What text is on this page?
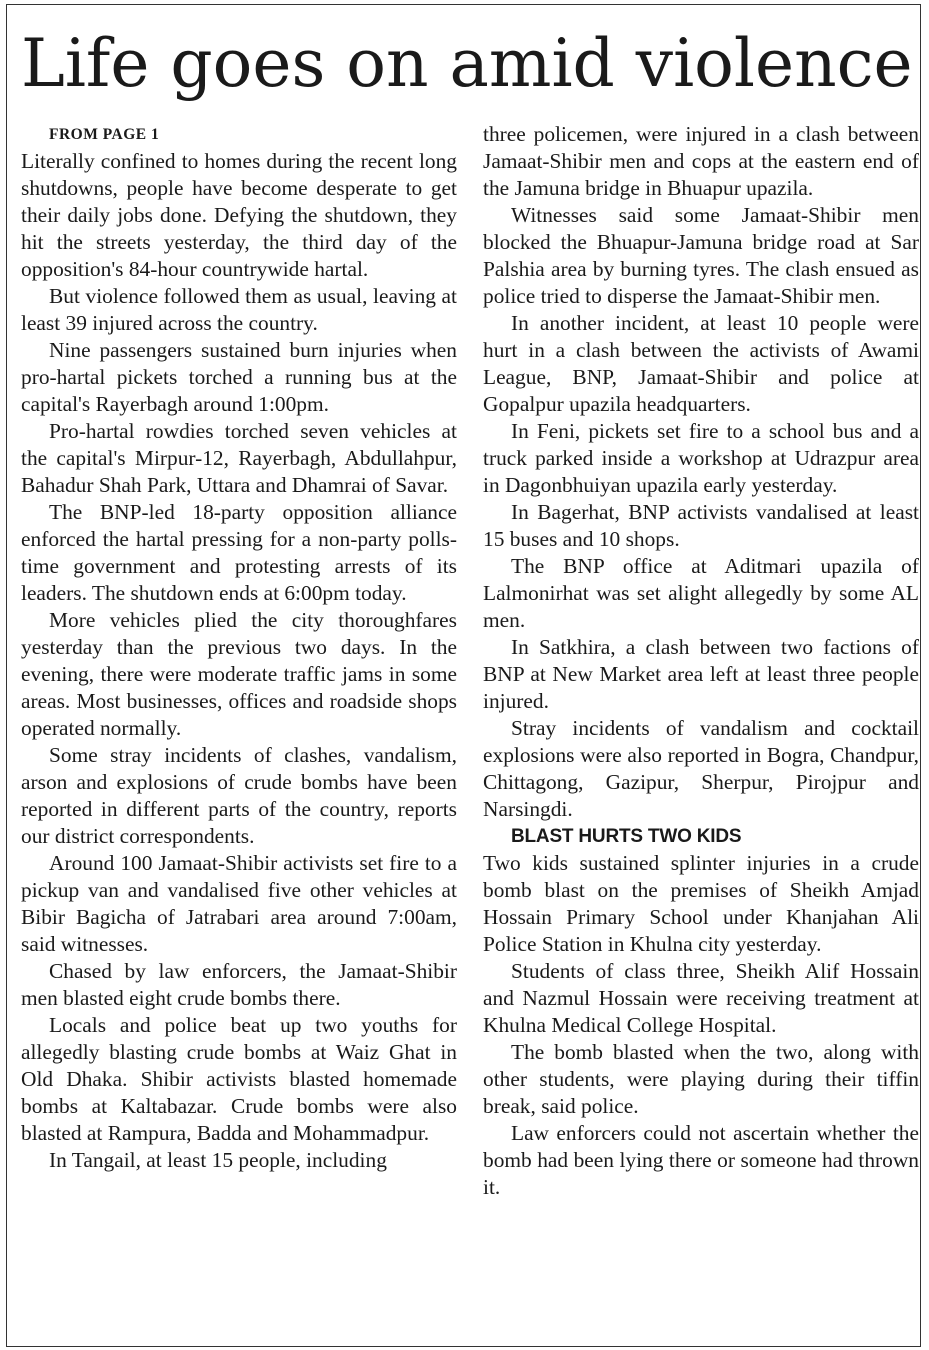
Life goes on amid violence

FROM PAGE 1

Literally confined to homes during the recent long shutdowns, people have become desperate to get their daily jobs done. Defying the shutdown, they hit the streets yesterday, the third day of the opposition's 84-hour countrywide hartal.

But violence followed them as usual, leaving at least 39 injured across the country.

Nine passengers sustained burn injuries when pro-hartal pickets torched a running bus at the capital's Rayerbagh around 1:00pm.

Pro-hartal rowdies torched seven vehicles at the capital's Mirpur-12, Rayerbagh, Abdullahpur, Bahadur Shah Park, Uttara and Dhamrai of Savar.

The BNP-led 18-party opposition alliance enforced the hartal pressing for a non-party polls-time government and protesting arrests of its leaders. The shutdown ends at 6:00pm today.

More vehicles plied the city thoroughfares yesterday than the previous two days. In the evening, there were moderate traffic jams in some areas. Most businesses, offices and roadside shops operated normally.

Some stray incidents of clashes, vandalism, arson and explosions of crude bombs have been reported in different parts of the country, reports our district correspondents.

Around 100 Jamaat-Shibir activists set fire to a pickup van and vandalised five other vehicles at Bibir Bagicha of Jatrabari area around 7:00am, said witnesses.

Chased by law enforcers, the Jamaat-Shibir men blasted eight crude bombs there.

Locals and police beat up two youths for allegedly blasting crude bombs at Waiz Ghat in Old Dhaka. Shibir activists blasted homemade bombs at Kaltabazar. Crude bombs were also blasted at Rampura, Badda and Mohammadpur.

In Tangail, at least 15 people, including

three policemen, were injured in a clash between Jamaat-Shibir men and cops at the eastern end of the Jamuna bridge in Bhuapur upazila.

Witnesses said some Jamaat-Shibir men blocked the Bhuapur-Jamuna bridge road at Sar Palshia area by burning tyres. The clash ensued as police tried to disperse the Jamaat-Shibir men.

In another incident, at least 10 people were hurt in a clash between the activists of Awami League, BNP, Jamaat-Shibir and police at Gopalpur upazila headquarters.

In Feni, pickets set fire to a school bus and a truck parked inside a workshop at Udrazpur area in Dagonbhuiyan upazila early yesterday.

In Bagerhat, BNP activists vandalised at least 15 buses and 10 shops.

The BNP office at Aditmari upazila of Lalmonirhat was set alight allegedly by some AL men.

In Satkhira, a clash between two factions of BNP at New Market area left at least three people injured.

Stray incidents of vandalism and cocktail explosions were also reported in Bogra, Chandpur, Chittagong, Gazipur, Sherpur, Pirojpur and Narsingdi.

BLAST HURTS TWO KIDS

Two kids sustained splinter injuries in a crude bomb blast on the premises of Sheikh Amjad Hossain Primary School under Khanjahan Ali Police Station in Khulna city yesterday.

Students of class three, Sheikh Alif Hossain and Nazmul Hossain were receiving treatment at Khulna Medical College Hospital.

The bomb blasted when the two, along with other students, were playing during their tiffin break, said police.

Law enforcers could not ascertain whether the bomb had been lying there or someone had thrown it.
